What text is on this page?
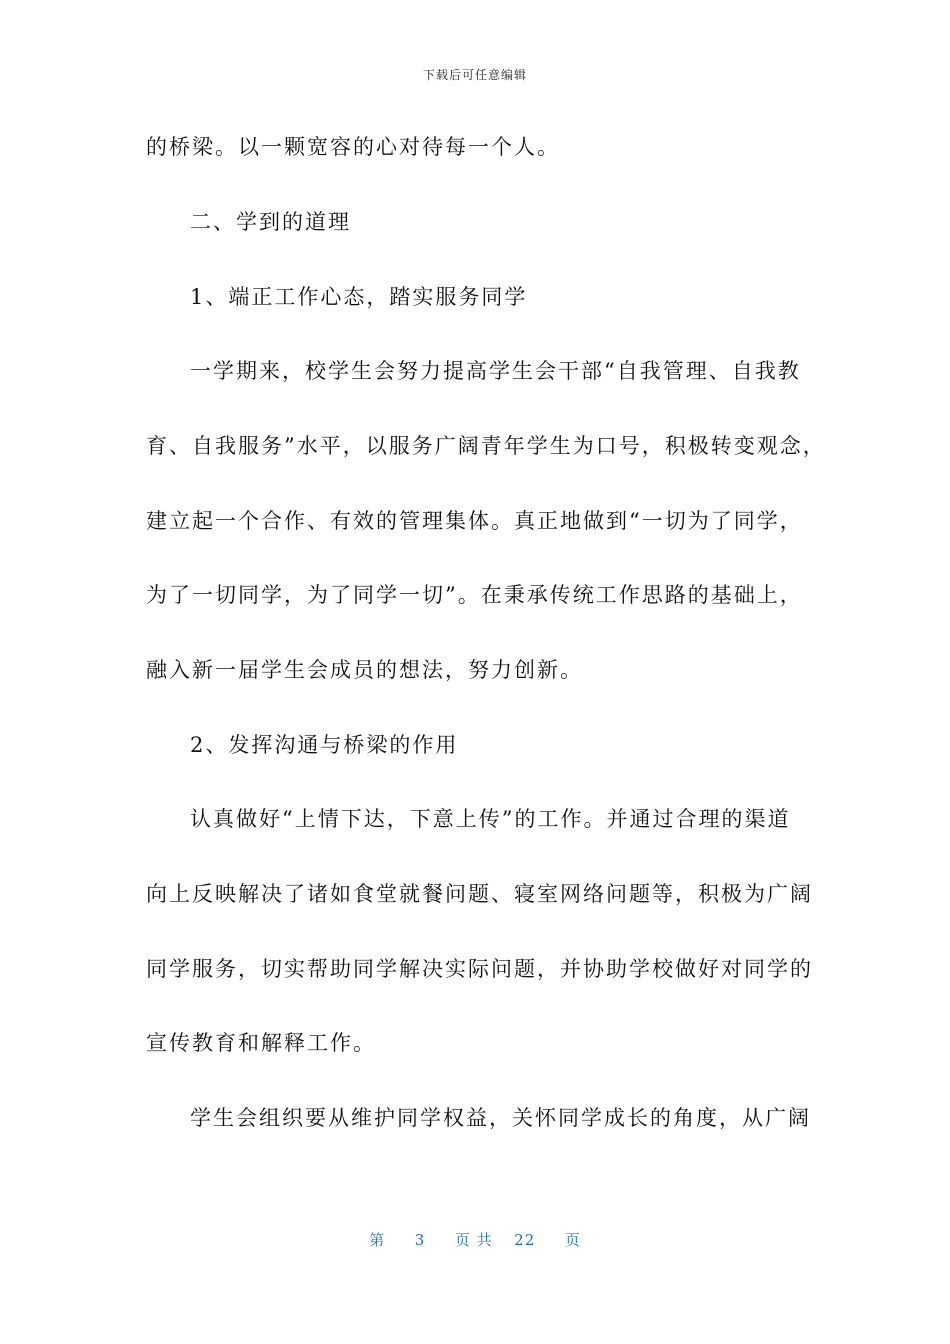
下载后可任意编辑
的桥梁。以一颗宽容的心对待每一个人。
二、学到的道理
1、端正工作心态，踏实服务同学
一学期来，校学生会努力提高学生会干部“自我管理、自我教
育、自我服务”水平，以服务广阔青年学生为口号，积极转变观念，
建立起一个合作、有效的管理集体。真正地做到“一切为了同学，
为了一切同学，为了同学一切”。在秉承传统工作思路的基础上，
融入新一届学生会成员的想法，努力创新。
2、发挥沟通与桥梁的作用
认真做好“上情下达，下意上传”的工作。并通过合理的渠道
向上反映解决了诸如食堂就餐问题、寝室网络问题等，积极为广阔
同学服务，切实帮助同学解决实际问题，并协助学校做好对同学的
宣传教育和解释工作。
学生会组织要从维护同学权益，关怀同学成长的角度，从广阔
第 3 页 共 22 页
